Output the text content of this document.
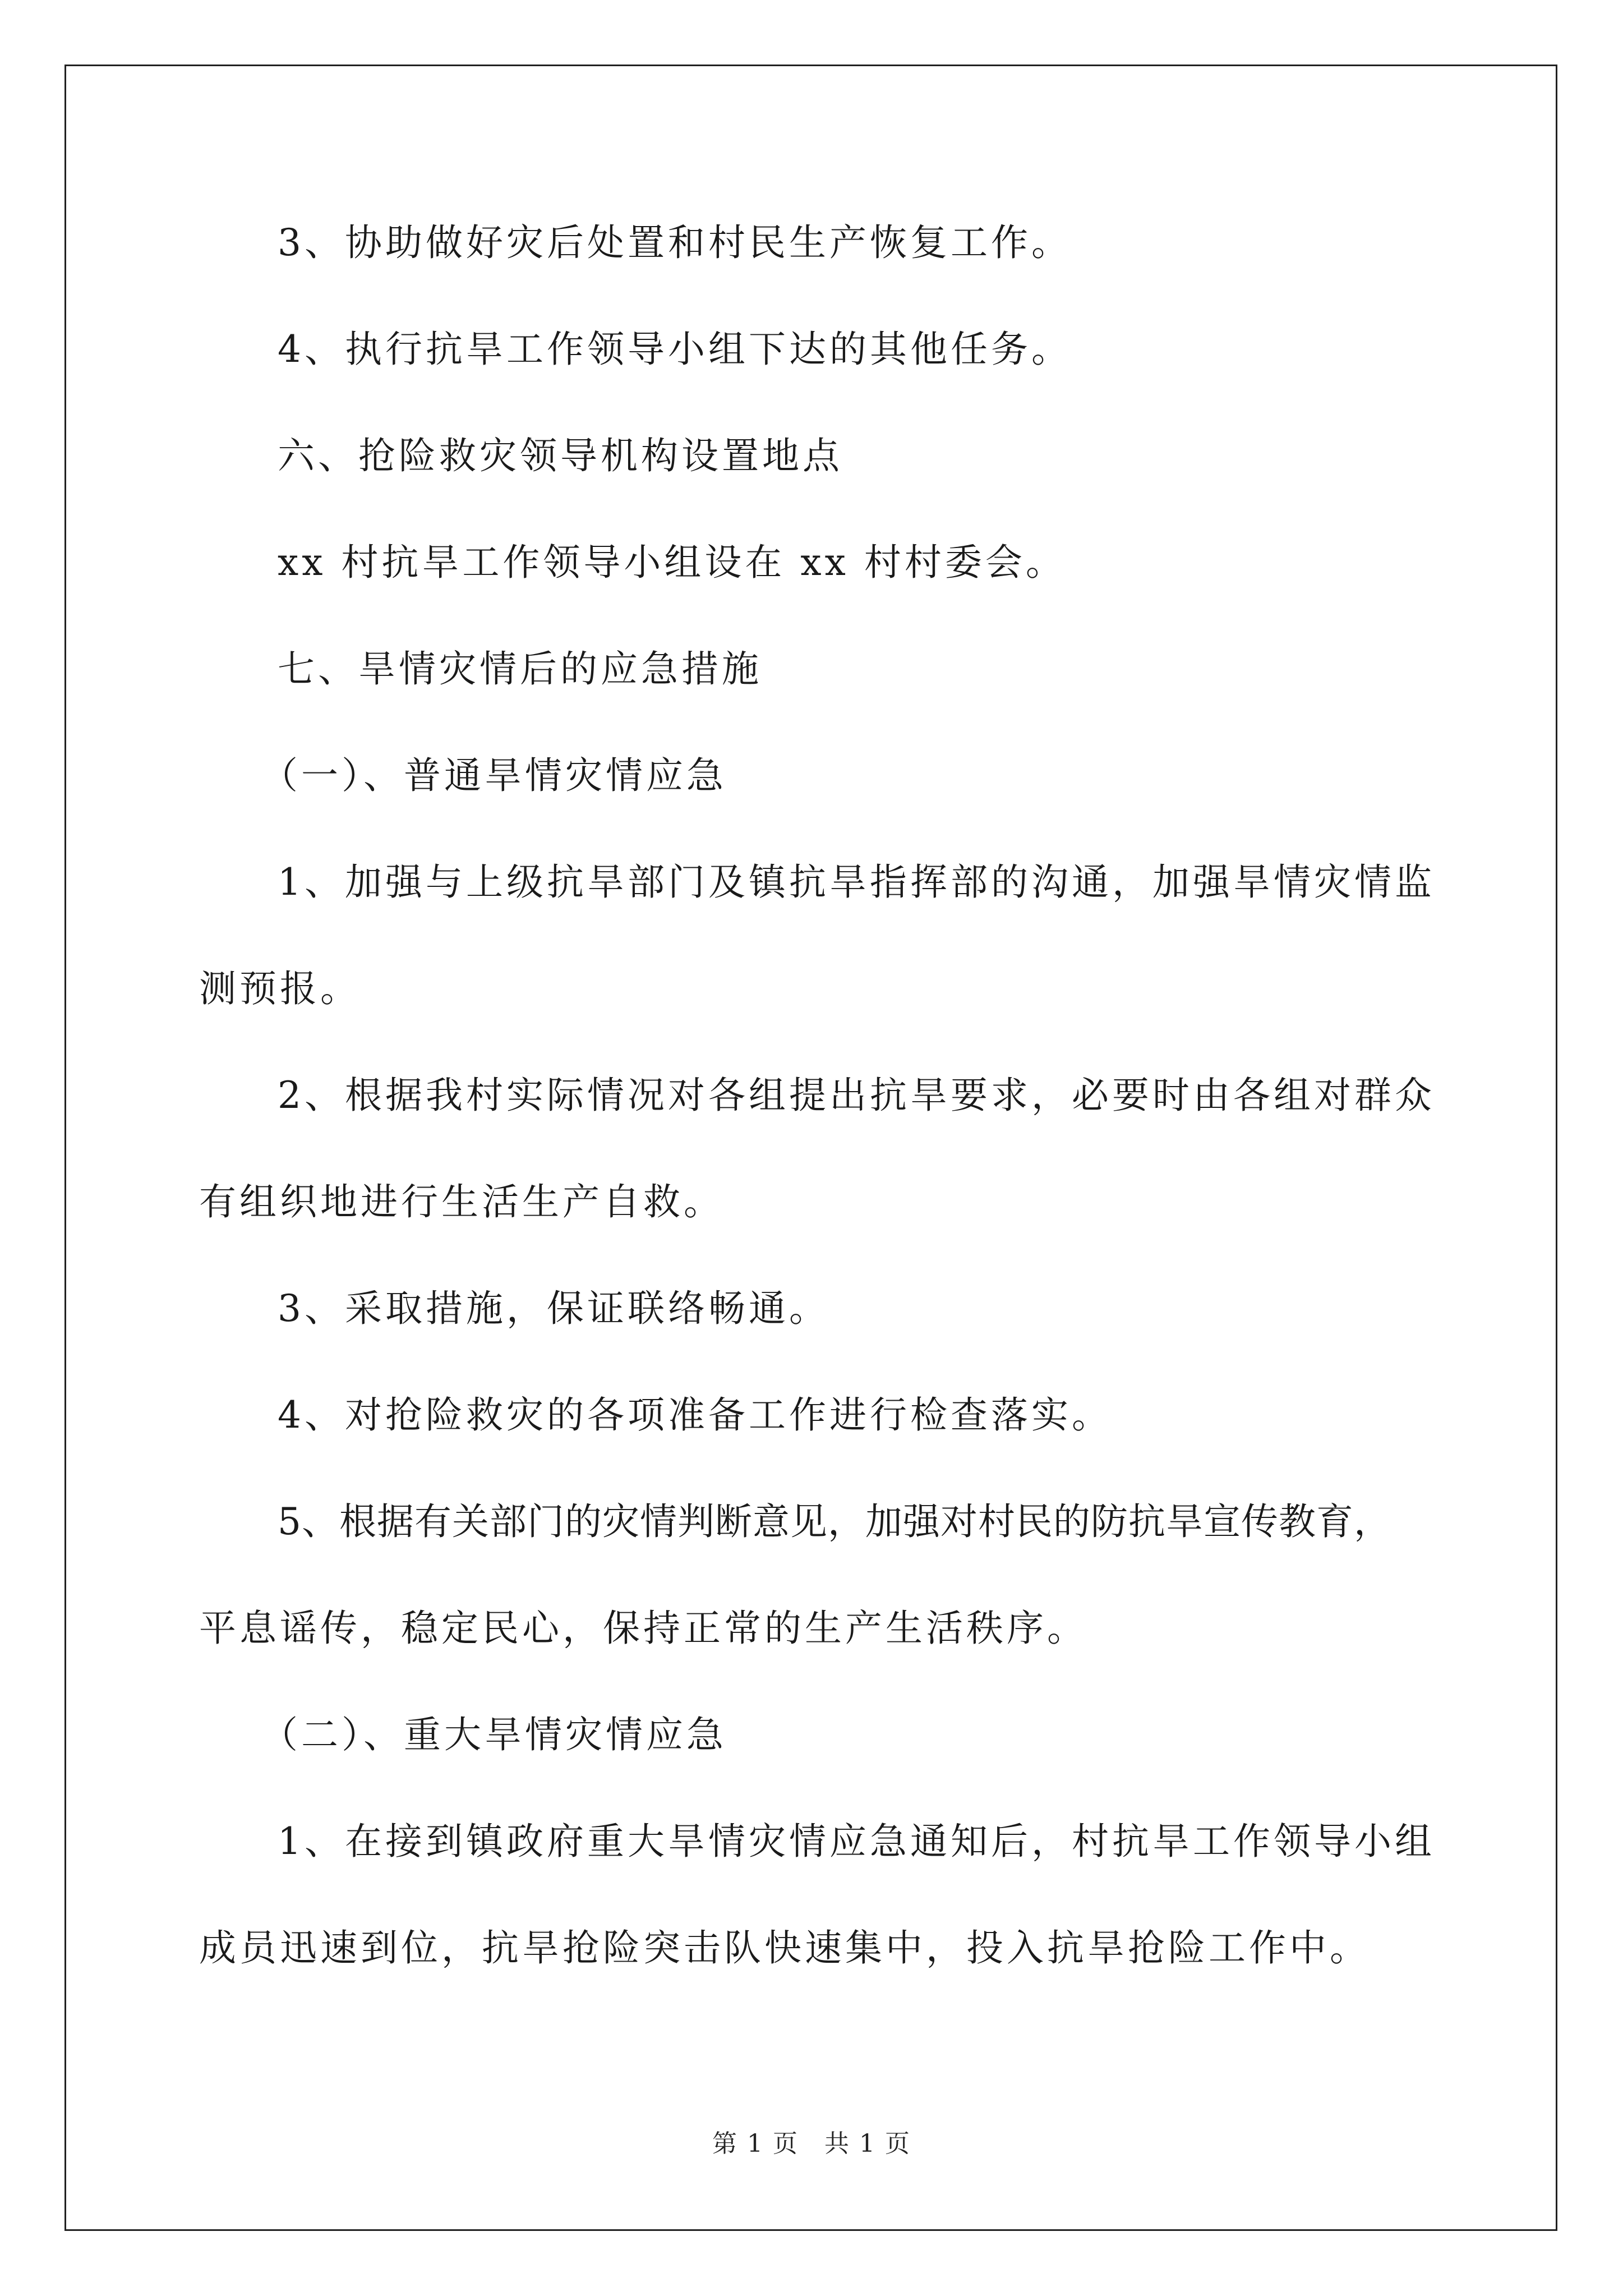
3、协助做好灾后处置和村民生产恢复工作。

4、执行抗旱工作领导小组下达的其他任务。

六、抢险救灾领导机构设置地点

xx 村抗旱工作领导小组设在 xx 村村委会。

七、旱情灾情后的应急措施

（一）、普通旱情灾情应急

1、加强与上级抗旱部门及镇抗旱指挥部的沟通，加强旱情灾情监

测预报。

2、根据我村实际情况对各组提出抗旱要求，必要时由各组对群众

有组织地进行生活生产自救。

3、采取措施，保证联络畅通。

4、对抢险救灾的各项准备工作进行检查落实。

5、根据有关部门的灾情判断意见，加强对村民的防抗旱宣传教育，

平息谣传，稳定民心，保持正常的生产生活秩序。

（二）、重大旱情灾情应急

1、在接到镇政府重大旱情灾情应急通知后，村抗旱工作领导小组

成员迅速到位，抗旱抢险突击队快速集中，投入抗旱抢险工作中。

第 1 页　共 1 页
